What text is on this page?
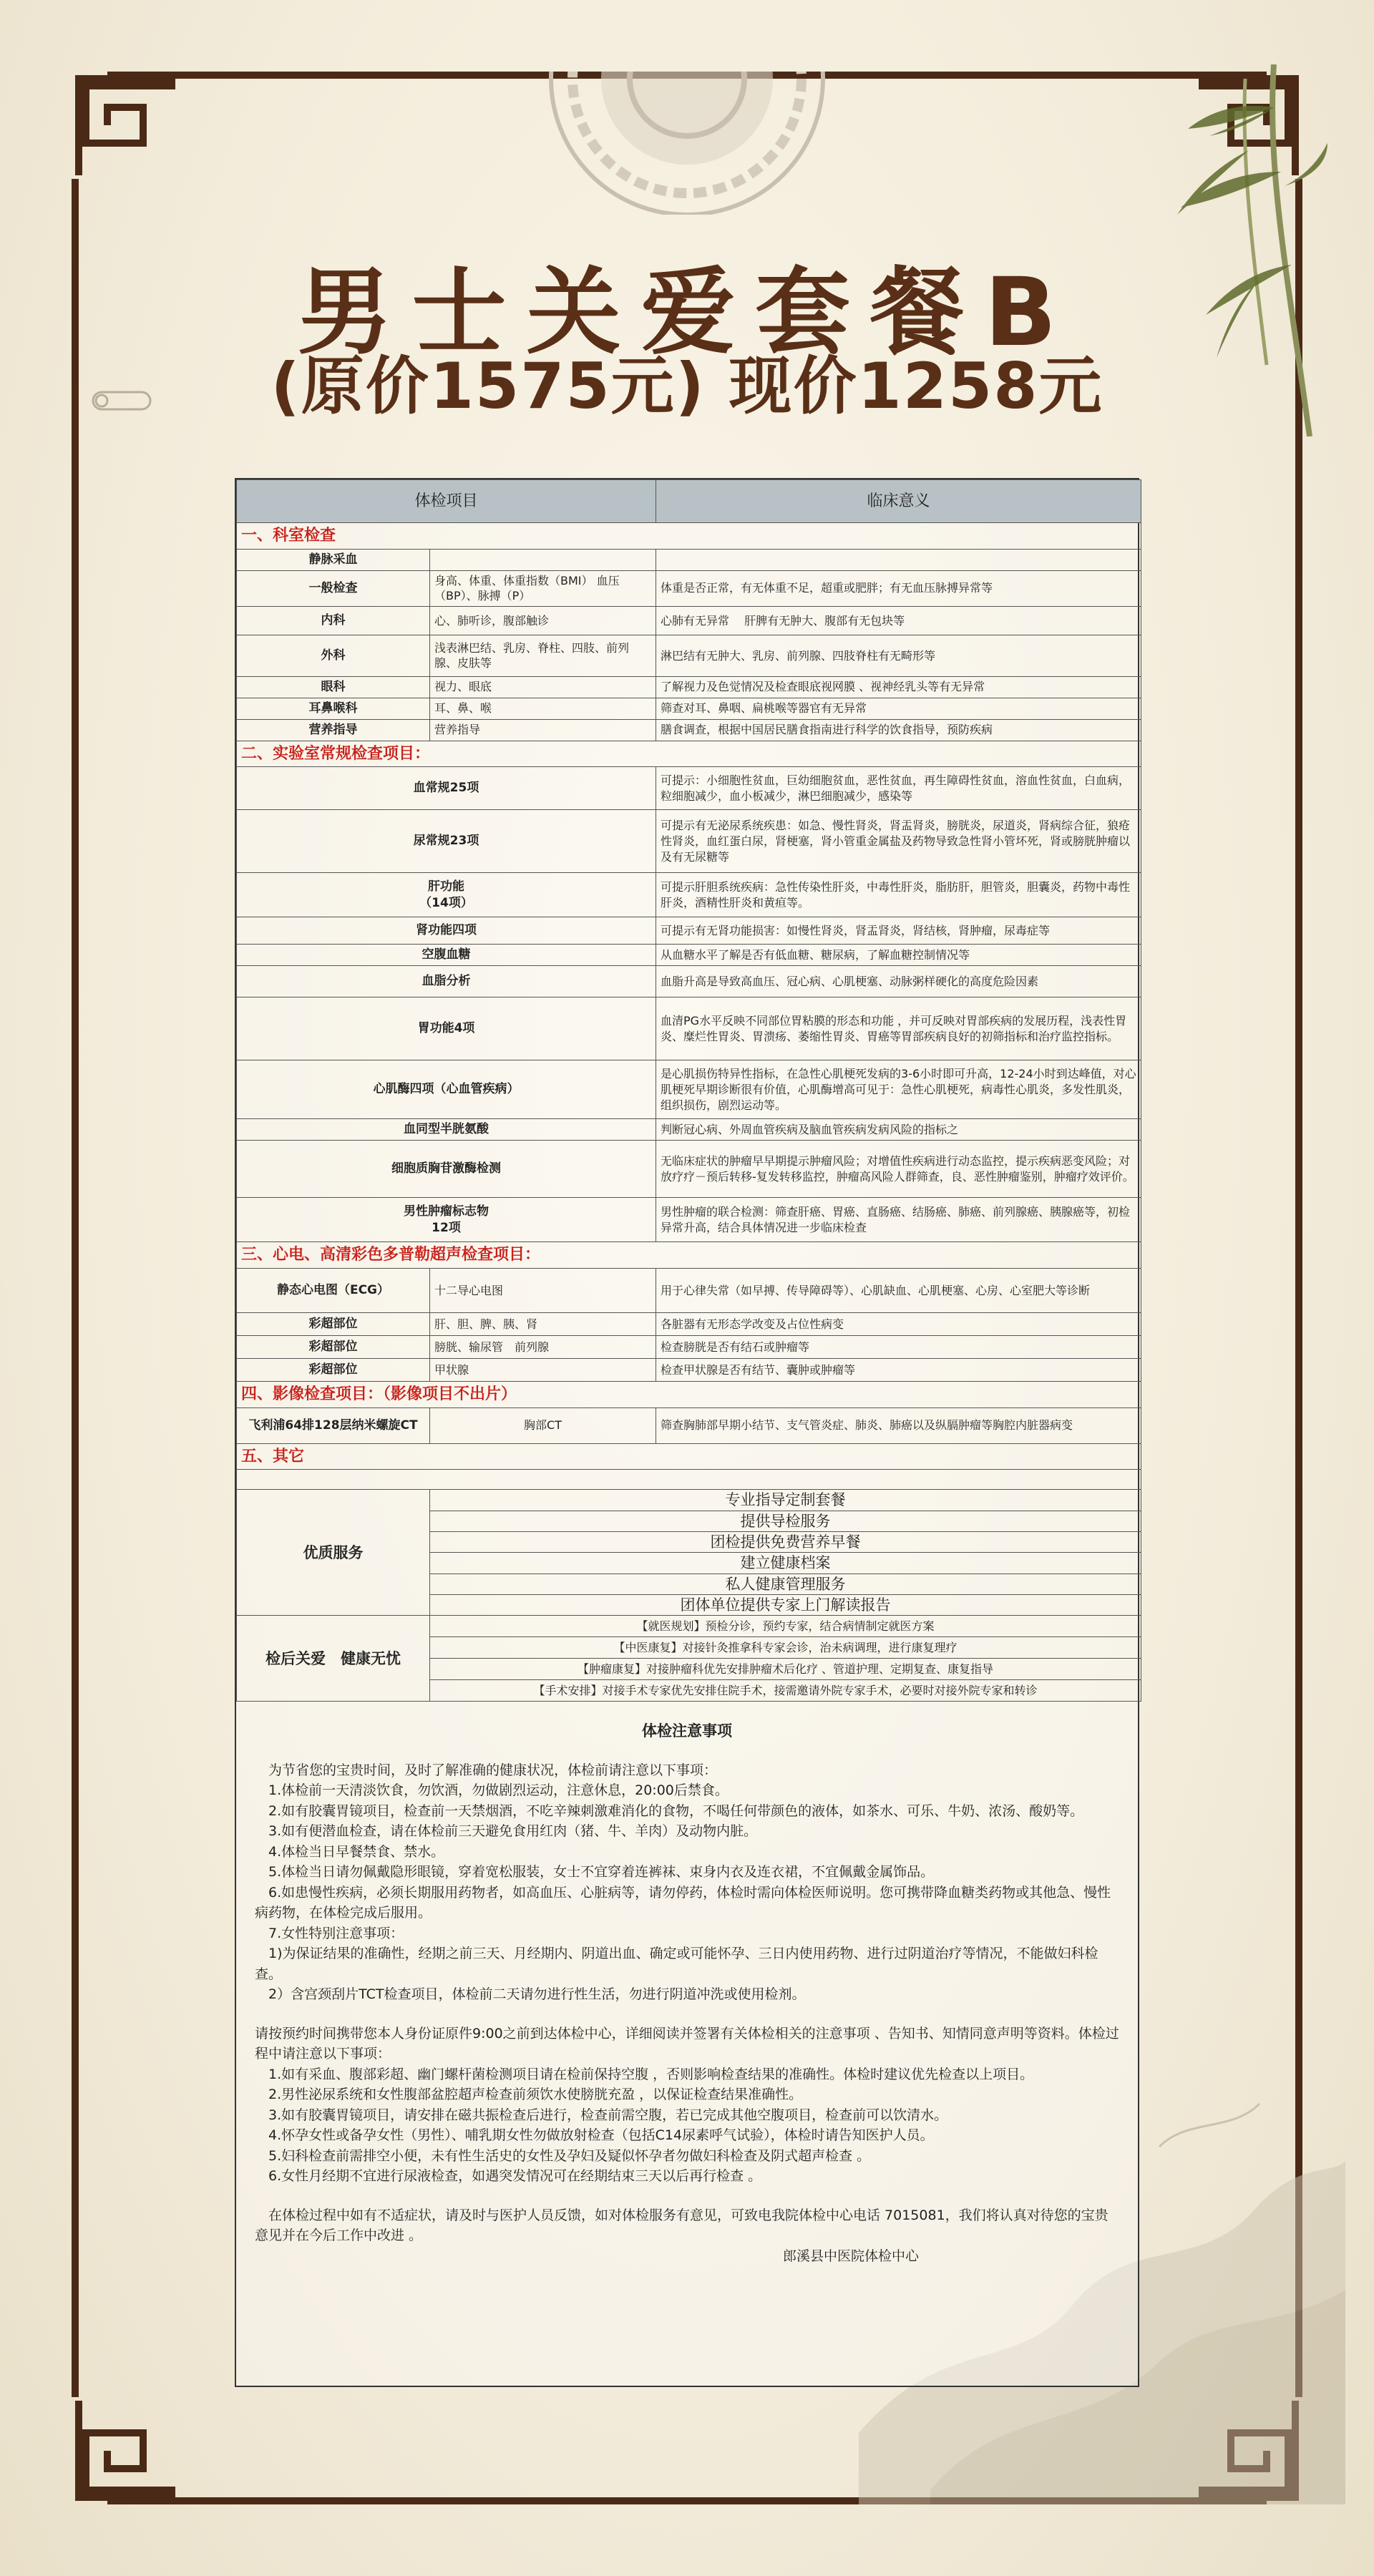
男士关爱套餐B
(原价1575元) 现价1258元
体检项目		临床意义
一、科室检查		
静脉采血		
一般检查	身高、体重、体重指数（BMI） 血压（BP）、脉搏（P）	体重是否正常，有无体重不足，超重或肥胖；有无血压脉搏异常等
内科	心、肺听诊，腹部触诊	心肺有无异常　 肝脾有无肿大、腹部有无包块等
外科	浅表淋巴结、乳房、脊柱、四肢、前列腺、皮肤等	淋巴结有无肿大、乳房、前列腺、四肢脊柱有无畸形等
眼科	视力、眼底	了解视力及色觉情况及检查眼底视网膜 、视神经乳头等有无异常
耳鼻喉科	耳、鼻、喉	筛查对耳、鼻咽、扁桃喉等器官有无异常
营养指导	营养指导	膳食调查，根据中国居民膳食指南进行科学的饮食指导，预防疾病
二、实验室常规检查项目：		
血常规25项		可提示：小细胞性贫血，巨幼细胞贫血，恶性贫血，再生障碍性贫血，溶血性贫血，白血病，粒细胞减少，血小板减少，淋巴细胞减少，感染等
尿常规23项		可提示有无泌尿系统疾患：如急、慢性肾炎，肾盂肾炎，膀胱炎，尿道炎，肾病综合征，狼疮性肾炎，血红蛋白尿，肾梗塞，肾小管重金属盐及药物导致急性肾小管坏死，肾或膀胱肿瘤以及有无尿糖等
肝功能
（14项）		可提示肝胆系统疾病：急性传染性肝炎，中毒性肝炎，脂肪肝，胆管炎，胆囊炎，药物中毒性肝炎，酒精性肝炎和黄疸等。
肾功能四项		可提示有无肾功能损害：如慢性肾炎，肾盂肾炎，肾结核，肾肿瘤，尿毒症等
空腹血糖		从血糖水平了解是否有低血糖、糖尿病，了解血糖控制情况等
血脂分析		血脂升高是导致高血压、冠心病、心肌梗塞、动脉粥样硬化的高度危险因素
胃功能4项		血清PG水平反映不同部位胃粘膜的形态和功能 ，并可反映对胃部疾病的发展历程，浅表性胃炎、糜烂性胃炎、胃溃疡、萎缩性胃炎、胃癌等胃部疾病良好的初筛指标和治疗监控指标。
心肌酶四项（心血管疾病）		是心肌损伤特异性指标，在急性心肌梗死发病的3-6小时即可升高，12-24小时到达峰值，对心肌梗死早期诊断很有价值，心肌酶增高可见于：急性心肌梗死，病毒性心肌炎，多发性肌炎，组织损伤，剧烈运动等。
血同型半胱氨酸		判断冠心病、外周血管疾病及脑血管疾病发病风险的指标之
细胞质胸苷激酶检测		无临床症状的肿瘤早早期提示肿瘤风险；对增值性疾病进行动态监控，提示疾病恶变风险；对放疗疗－预后转移-复发转移监控，肿瘤高风险人群筛查，良、恶性肿瘤鉴别，肿瘤疗效评价。
男性肿瘤标志物
12项		男性肿瘤的联合检测：筛查肝癌、胃癌、直肠癌、结肠癌、肺癌、前列腺癌、胰腺癌等，初检异常升高，结合具体情况进一步临床检查
三、心电、高清彩色多普勒超声检查项目：		
静态心电图（ECG）	十二导心电图	用于心律失常（如早搏、传导障碍等）、心肌缺血、心肌梗塞、心房、心室肥大等诊断
彩超部位	肝、胆、脾、胰、肾	各脏器有无形态学改变及占位性病变
彩超部位	膀胱、输尿管　前列腺	检查膀胱是否有结石或肿瘤等
彩超部位	甲状腺	检查甲状腺是否有结节、囊肿或肿瘤等
四、影像检查项目：（影像项目不出片）		
飞利浦64排128层纳米螺旋CT	胸部CT	筛查胸肺部早期小结节、支气管炎症、肺炎、肺癌以及纵膈肿瘤等胸腔内脏器病变
五、其它		

优质服务	专业指导定制套餐	
	提供导检服务	
	团检提供免费营养早餐	
	建立健康档案	
	私人健康管理服务	
	团体单位提供专家上门解读报告	
检后关爱　健康无忧	【就医规划】预检分诊，预约专家，结合病情制定就医方案	
	【中医康复】对接针灸推拿科专家会诊，治未病调理，进行康复理疗	
	【肿瘤康复】对接肿瘤科优先安排肿瘤术后化疗 、管道护理、定期复查、康复指导	
	【手术安排】对接手术专家优先安排住院手术，接需邀请外院专家手术，必要时对接外院专家和转诊	
体检注意事项

　为节省您的宝贵时间，及时了解准确的健康状况，体检前请注意以下事项：

　1.体检前一天清淡饮食，勿饮酒，勿做剧烈运动，注意休息，20:00后禁食。

　2.如有胶囊胃镜项目，检查前一天禁烟酒，不吃辛辣刺激难消化的食物，不喝任何带颜色的液体，如茶水、可乐、牛奶、浓汤、酸奶等。

　3.如有便潜血检查，请在体检前三天避免食用红肉（猪、牛、羊肉）及动物内脏。

　4.体检当日早餐禁食、禁水。

　5.体检当日请勿佩戴隐形眼镜，穿着宽松服装，女士不宜穿着连裤袜、束身内衣及连衣裙，不宜佩戴金属饰品。

　6.如患慢性疾病，必须长期服用药物者，如高血压、心脏病等，请勿停药，体检时需向体检医师说明。您可携带降血糖类药物或其他急、慢性病药物，在体检完成后服用。

　7.女性特别注意事项：

　1)为保证结果的准确性，经期之前三天、月经期内、阴道出血、确定或可能怀孕、三日内使用药物、进行过阴道治疗等情况，不能做妇科检查。

　2）含宫颈刮片TCT检查项目，体检前二天请勿进行性生活，勿进行阴道冲洗或使用检剂。

请按预约时间携带您本人身份证原件9:00之前到达体检中心，详细阅读并签署有关体检相关的注意事项 、告知书、知情同意声明等资料。体检过程中请注意以下事项：

　1.如有采血、腹部彩超、幽门螺杆菌检测项目请在检前保持空腹 ，否则影响检查结果的准确性。体检时建议优先检查以上项目。

　2.男性泌尿系统和女性腹部盆腔超声检查前须饮水使膀胱充盈 ，以保证检查结果准确性。

　3.如有胶囊胃镜项目，请安排在磁共振检查后进行，检查前需空腹，若已完成其他空腹项目，检查前可以饮清水。

　4.怀孕女性或备孕女性（男性）、哺乳期女性勿做放射检查（包括C14尿素呼气试验），体检时请告知医护人员。

　5.妇科检查前需排空小便，未有性生活史的女性及孕妇及疑似怀孕者勿做妇科检查及阴式超声检查 。

　6.女性月经期不宜进行尿液检查，如遇突发情况可在经期结束三天以后再行检查 。

　在体检过程中如有不适症状，请及时与医护人员反馈，如对体检服务有意见，可致电我院体检中心电话 7015081，我们将认真对待您的宝贵意见并在今后工作中改进 。

郎溪县中医院体检中心
